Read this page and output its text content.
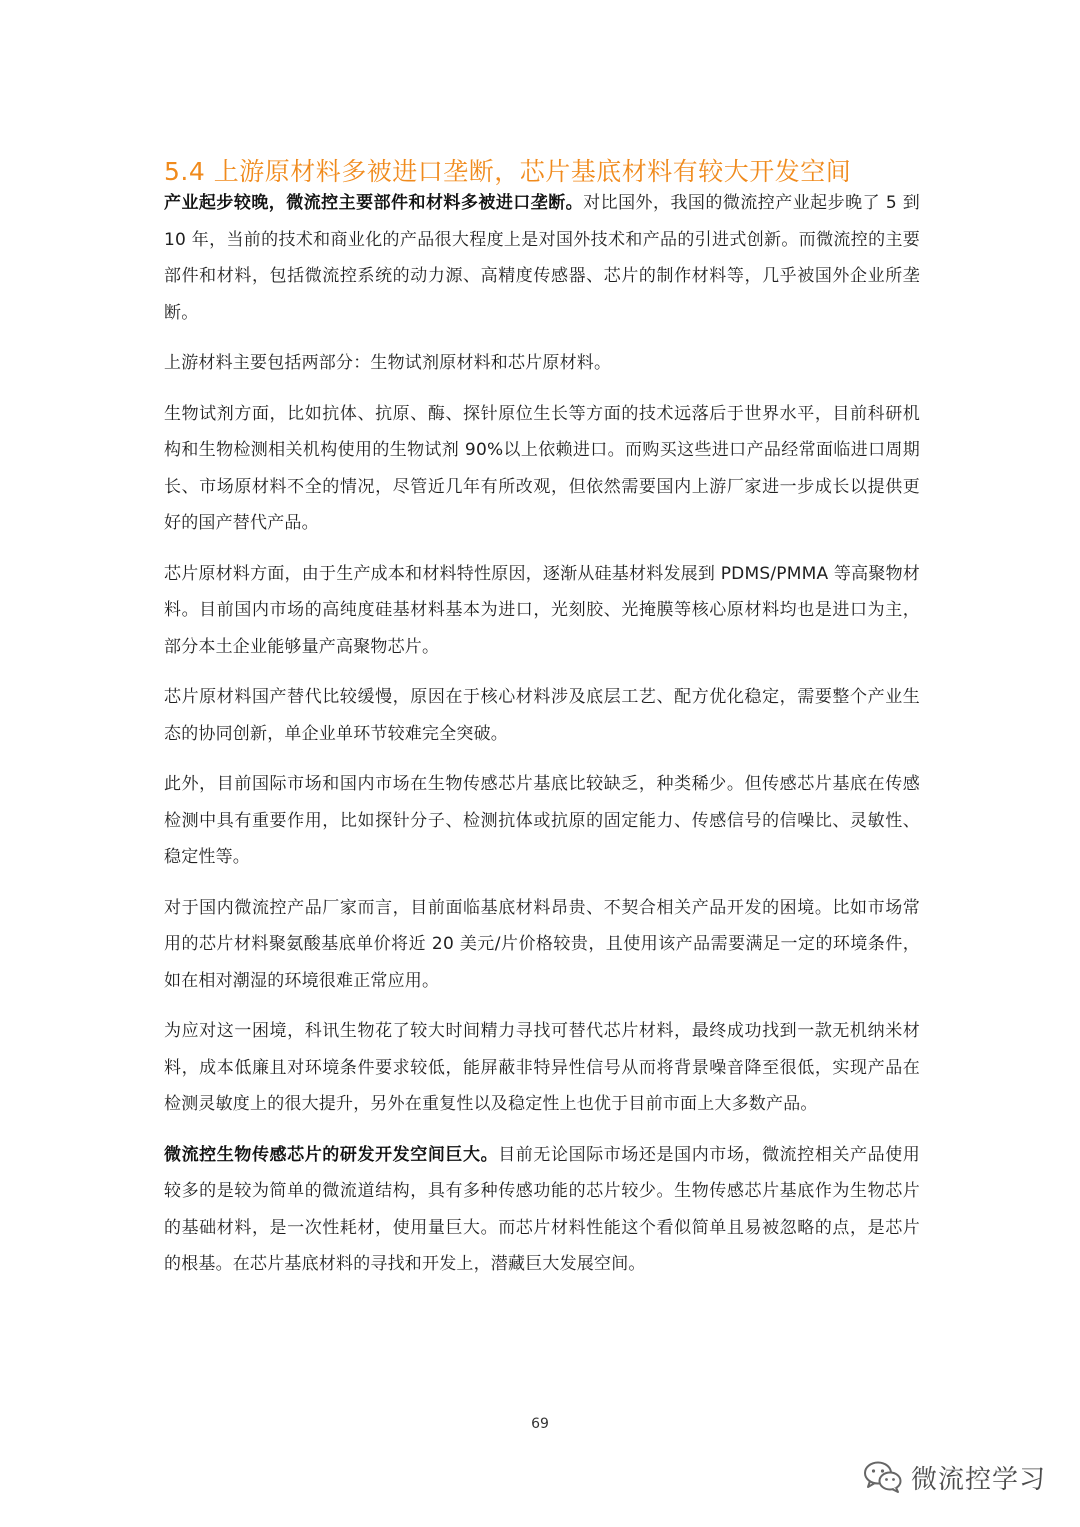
5.4 上游原材料多被进口垄断，芯片基底材料有较大开发空间

产业起步较晚，微流控主要部件和材料多被进口垄断。对比国外，我国的微流控产业起步晚了 5 到 10 年，当前的技术和商业化的产品很大程度上是对国外技术和产品的引进式创新。而微流控的主要部件和材料，包括微流控系统的动力源、高精度传感器、芯片的制作材料等，几乎被国外企业所垄断。

上游材料主要包括两部分：生物试剂原材料和芯片原材料。

生物试剂方面，比如抗体、抗原、酶、探针原位生长等方面的技术远落后于世界水平，目前科研机构和生物检测相关机构使用的生物试剂 90%以上依赖进口。而购买这些进口产品经常面临进口周期长、市场原材料不全的情况，尽管近几年有所改观，但依然需要国内上游厂家进一步成长以提供更好的国产替代产品。

芯片原材料方面，由于生产成本和材料特性原因，逐渐从硅基材料发展到 PDMS/PMMA 等高聚物材料。目前国内市场的高纯度硅基材料基本为进口，光刻胶、光掩膜等核心原材料均也是进口为主，部分本土企业能够量产高聚物芯片。

芯片原材料国产替代比较缓慢，原因在于核心材料涉及底层工艺、配方优化稳定，需要整个产业生态的协同创新，单企业单环节较难完全突破。

此外，目前国际市场和国内市场在生物传感芯片基底比较缺乏，种类稀少。但传感芯片基底在传感检测中具有重要作用，比如探针分子、检测抗体或抗原的固定能力、传感信号的信噪比、灵敏性、稳定性等。

对于国内微流控产品厂家而言，目前面临基底材料昂贵、不契合相关产品开发的困境。比如市场常用的芯片材料聚氨酸基底单价将近 20 美元/片价格较贵，且使用该产品需要满足一定的环境条件，如在相对潮湿的环境很难正常应用。

为应对这一困境，科讯生物花了较大时间精力寻找可替代芯片材料，最终成功找到一款无机纳米材料，成本低廉且对环境条件要求较低，能屏蔽非特异性信号从而将背景噪音降至很低，实现产品在检测灵敏度上的很大提升，另外在重复性以及稳定性上也优于目前市面上大多数产品。

微流控生物传感芯片的研发开发空间巨大。目前无论国际市场还是国内市场，微流控相关产品使用较多的是较为简单的微流道结构，具有多种传感功能的芯片较少。生物传感芯片基底作为生物芯片的基础材料，是一次性耗材，使用量巨大。而芯片材料性能这个看似简单且易被忽略的点，是芯片的根基。在芯片基底材料的寻找和开发上，潜藏巨大发展空间。

69
微流控学习
